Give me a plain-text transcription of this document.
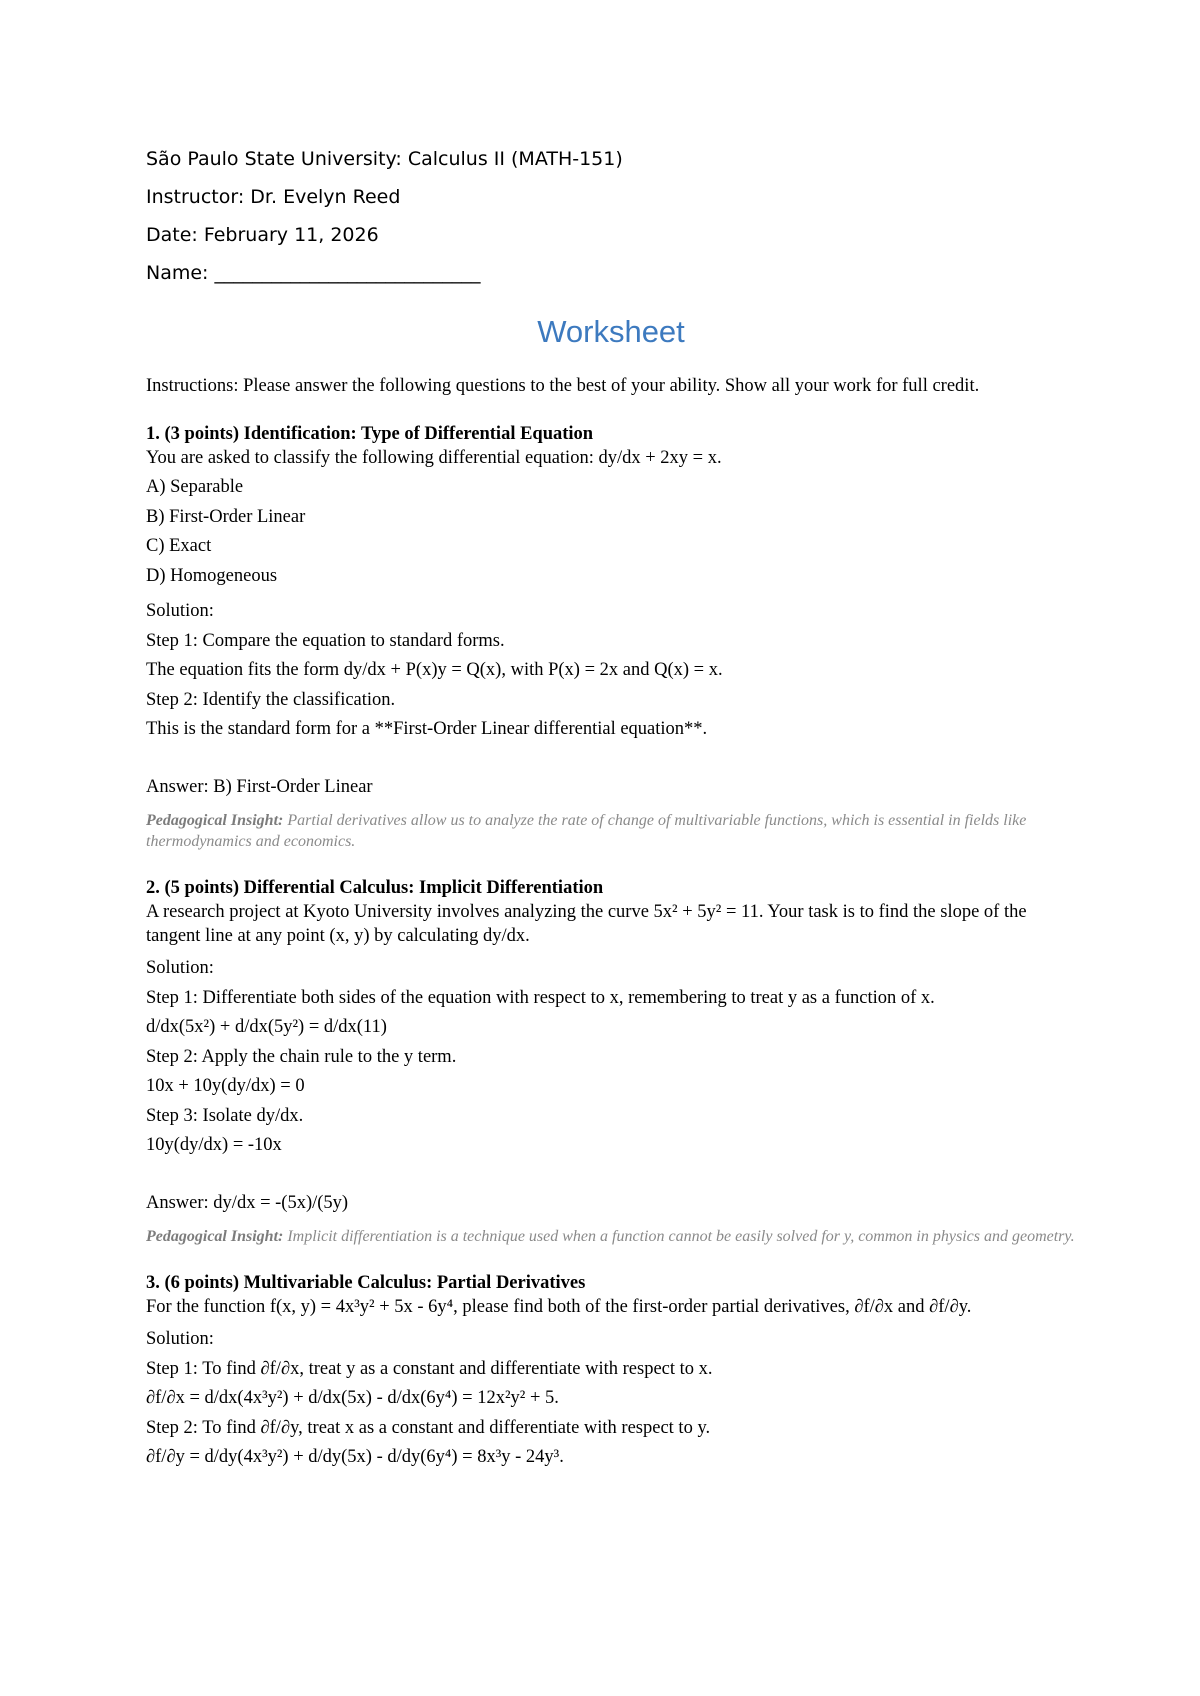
São Paulo State University: Calculus II (MATH-151)
Instructor: Dr. Evelyn Reed
Date: February 11, 2026
Name: ____________________________
Worksheet
Instructions: Please answer the following questions to the best of your ability. Show all your work for full credit.
1. (3 points) Identification: Type of Differential Equation
You are asked to classify the following differential equation: dy/dx + 2xy = x.
A) Separable
B) First-Order Linear
C) Exact
D) Homogeneous
Solution:
Step 1: Compare the equation to standard forms.
The equation fits the form dy/dx + P(x)y = Q(x), with P(x) = 2x and Q(x) = x.
Step 2: Identify the classification.
This is the standard form for a **First-Order Linear differential equation**.
Answer: B) First-Order Linear
Pedagogical Insight: Partial derivatives allow us to analyze the rate of change of multivariable functions, which is essential in fields like thermodynamics and economics.
2. (5 points) Differential Calculus: Implicit Differentiation
A research project at Kyoto University involves analyzing the curve 5x² + 5y² = 11. Your task is to find the slope of the tangent line at any point (x, y) by calculating dy/dx.
Solution:
Step 1: Differentiate both sides of the equation with respect to x, remembering to treat y as a function of x.
d/dx(5x²) + d/dx(5y²) = d/dx(11)
Step 2: Apply the chain rule to the y term.
10x + 10y(dy/dx) = 0
Step 3: Isolate dy/dx.
10y(dy/dx) = -10x
Answer: dy/dx = -(5x)/(5y)
Pedagogical Insight: Implicit differentiation is a technique used when a function cannot be easily solved for y, common in physics and geometry.
3. (6 points) Multivariable Calculus: Partial Derivatives
For the function f(x, y) = 4x³y² + 5x - 6y⁴, please find both of the first-order partial derivatives, ∂f/∂x and ∂f/∂y.
Solution:
Step 1: To find ∂f/∂x, treat y as a constant and differentiate with respect to x.
∂f/∂x = d/dx(4x³y²) + d/dx(5x) - d/dx(6y⁴) = 12x²y² + 5.
Step 2: To find ∂f/∂y, treat x as a constant and differentiate with respect to y.
∂f/∂y = d/dy(4x³y²) + d/dy(5x) - d/dy(6y⁴) = 8x³y - 24y³.
